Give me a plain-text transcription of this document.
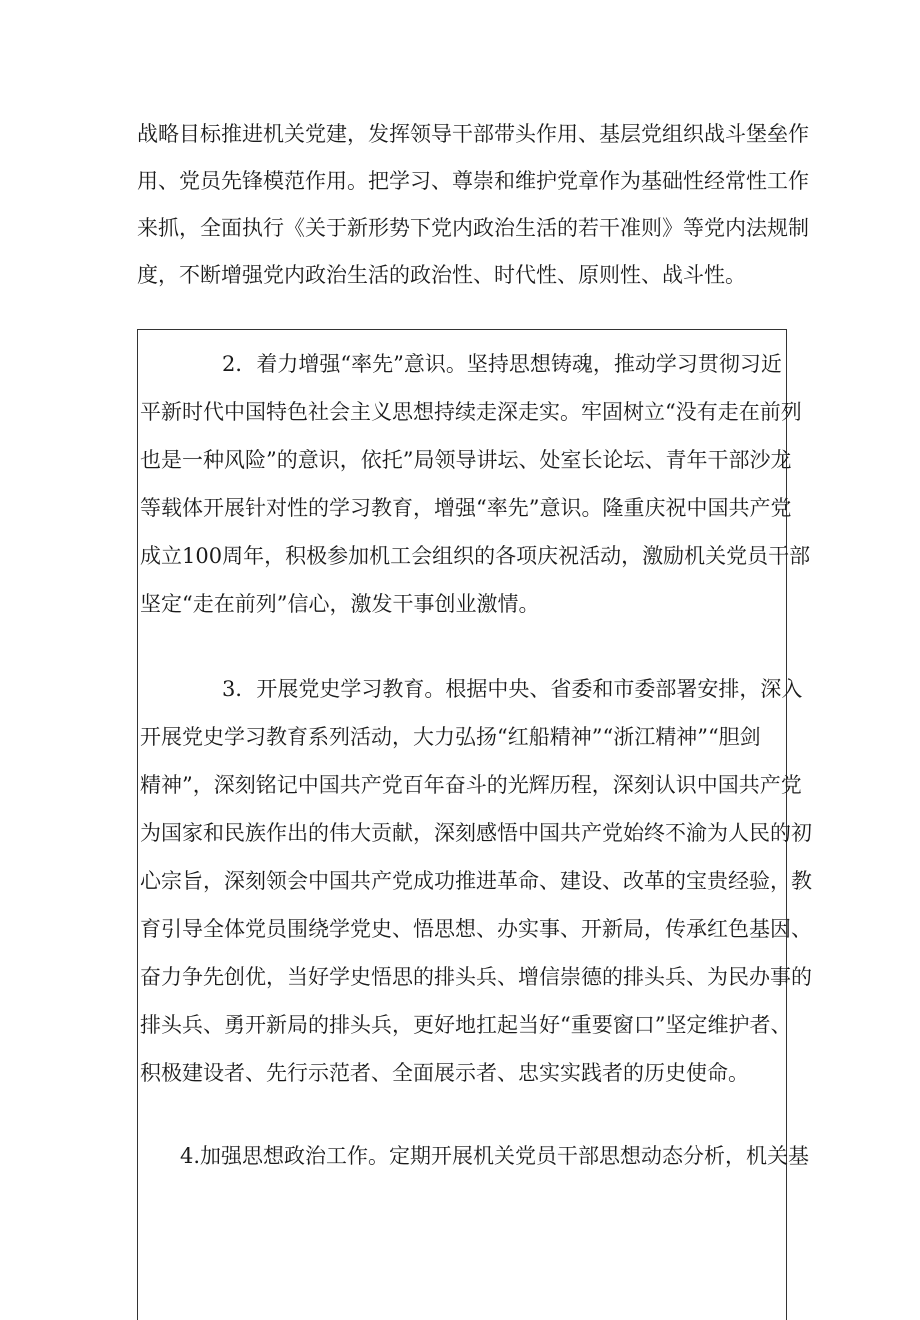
战略目标推进机关党建，发挥领导干部带头作用、基层党组织战斗堡垒作

用、党员先锋模范作用。把学习、尊崇和维护党章作为基础性经常性工作

来抓，全面执行《关于新形势下党内政治生活的若干准则》等党内法规制

度，不断增强党内政治生活的政治性、时代性、原则性、战斗性。

2．着力增强“率先”意识。坚持思想铸魂，推动学习贯彻习近

平新时代中国特色社会主义思想持续走深走实。牢固树立“没有走在前列

也是一种风险”的意识，依托”局领导讲坛、处室长论坛、青年干部沙龙

等载体开展针对性的学习教育，增强“率先”意识。隆重庆祝中国共产党

成立100周年，积极参加机工会组织的各项庆祝活动，激励机关党员干部

坚定“走在前列”信心，激发干事创业激情。

3．开展党史学习教育。根据中央、省委和市委部署安排，深入

开展党史学习教育系列活动，大力弘扬“红船精神”“浙江精神”“胆剑

精神”，深刻铭记中国共产党百年奋斗的光辉历程，深刻认识中国共产党

为国家和民族作出的伟大贡献，深刻感悟中国共产党始终不渝为人民的初

心宗旨，深刻领会中国共产党成功推进革命、建设、改革的宝贵经验，教

育引导全体党员围绕学党史、悟思想、办实事、开新局，传承红色基因、

奋力争先创优，当好学史悟思的排头兵、增信崇德的排头兵、为民办事的

排头兵、勇开新局的排头兵，更好地扛起当好“重要窗口”坚定维护者、

积极建设者、先行示范者、全面展示者、忠实实践者的历史使命。

4.加强思想政治工作。定期开展机关党员干部思想动态分析，机关基
